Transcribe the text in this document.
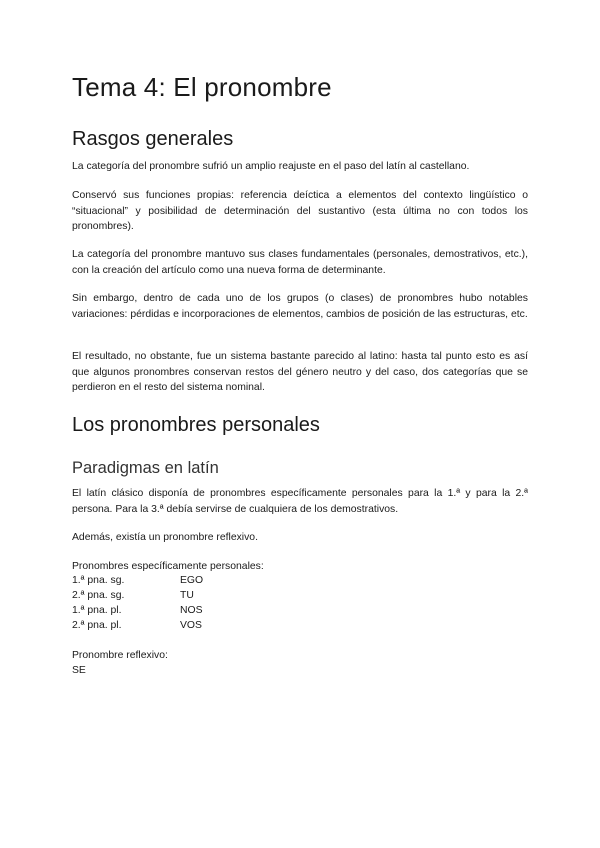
Tema 4: El pronombre
Rasgos generales

La categoría del pronombre sufrió un amplio reajuste en el paso del latín al castellano.

Conservó sus funciones propias: referencia deíctica a elementos del contexto lingüístico o “situacional” y posibilidad de determinación del sustantivo (esta última no con todos los pronombres).

La categoría del pronombre mantuvo sus clases fundamentales (personales, demostrativos, etc.), con la creación del artículo como una nueva forma de determinante.

Sin embargo, dentro de cada uno de los grupos (o clases) de pronombres hubo notables variaciones: pérdidas e incorporaciones de elementos, cambios de posición de las estructuras, etc.

El resultado, no obstante, fue un sistema bastante parecido al latino: hasta tal punto esto es así que algunos pronombres conservan restos del género neutro y del caso, dos categorías que se perdieron en el resto del sistema nominal.

Los pronombres personales
Paradigmas en latín

El latín clásico disponía de pronombres específicamente personales para la 1.ª y para la 2.ª persona. Para la 3.ª debía servirse de cualquiera de los demostrativos.

Además, existía un pronombre reflexivo.

Pronombres específicamente personales:

1.ª pna. sg.	EGO
2.ª pna. sg.	TU
1.ª pna. pl.	NOS
2.ª pna. pl.	VOS

Pronombre reflexivo:

SE
